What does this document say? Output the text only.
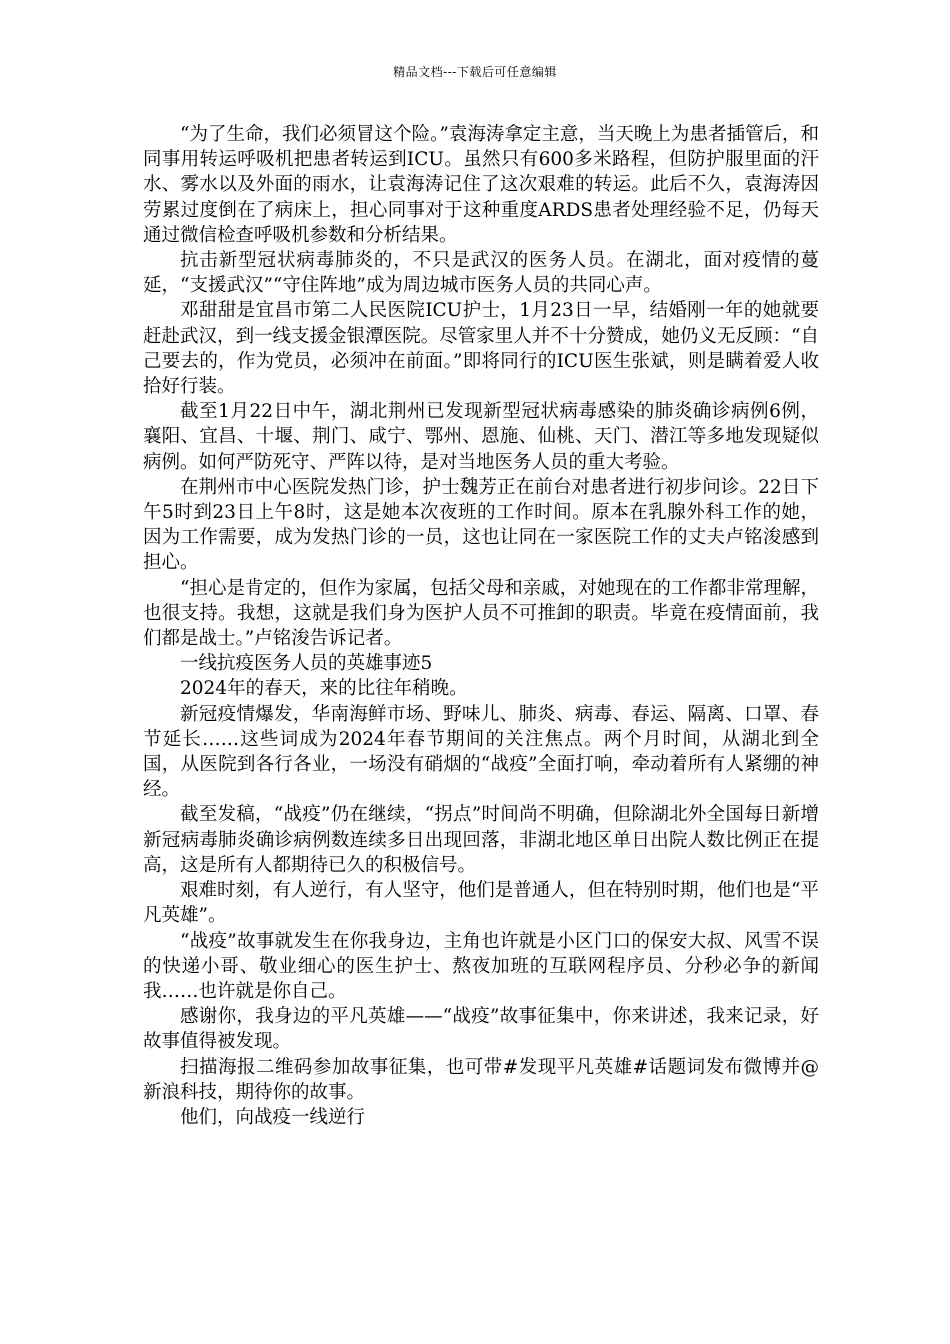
精品文档---下载后可任意编辑

“为了生命，我们必须冒这个险。”袁海涛拿定主意，当天晚上为患者插管后，和同事用转运呼吸机把患者转运到ICU。虽然只有600多米路程，但防护服里面的汗水、雾水以及外面的雨水，让袁海涛记住了这次艰难的转运。此后不久，袁海涛因劳累过度倒在了病床上，担心同事对于这种重度ARDS患者处理经验不足，仍每天通过微信检查呼吸机参数和分析结果。

抗击新型冠状病毒肺炎的，不只是武汉的医务人员。在湖北，面对疫情的蔓延，“支援武汉”“守住阵地”成为周边城市医务人员的共同心声。

邓甜甜是宜昌市第二人民医院ICU护士，1月23日一早，结婚刚一年的她就要赶赴武汉，到一线支援金银潭医院。尽管家里人并不十分赞成，她仍义无反顾：“自己要去的，作为党员，必须冲在前面。”即将同行的ICU医生张斌，则是瞒着爱人收拾好行装。

截至1月22日中午，湖北荆州已发现新型冠状病毒感染的肺炎确诊病例6例，襄阳、宜昌、十堰、荆门、咸宁、鄂州、恩施、仙桃、天门、潜江等多地发现疑似病例。如何严防死守、严阵以待，是对当地医务人员的重大考验。

在荆州市中心医院发热门诊，护士魏芳正在前台对患者进行初步问诊。22日下午5时到23日上午8时，这是她本次夜班的工作时间。原本在乳腺外科工作的她，因为工作需要，成为发热门诊的一员，这也让同在一家医院工作的丈夫卢铭浚感到担心。

“担心是肯定的，但作为家属，包括父母和亲戚，对她现在的工作都非常理解，也很支持。我想，这就是我们身为医护人员不可推卸的职责。毕竟在疫情面前，我们都是战士。”卢铭浚告诉记者。

一线抗疫医务人员的英雄事迹5

2024年的春天，来的比往年稍晚。

新冠疫情爆发，华南海鲜市场、野味儿、肺炎、病毒、春运、隔离、口罩、春节延长……这些词成为2024年春节期间的关注焦点。两个月时间，从湖北到全国，从医院到各行各业，一场没有硝烟的“战疫”全面打响，牵动着所有人紧绷的神经。

截至发稿，“战疫”仍在继续，“拐点”时间尚不明确，但除湖北外全国每日新增新冠病毒肺炎确诊病例数连续多日出现回落，非湖北地区单日出院人数比例正在提高，这是所有人都期待已久的积极信号。

艰难时刻，有人逆行，有人坚守，他们是普通人，但在特别时期，他们也是“平凡英雄”。

“战疫”故事就发生在你我身边，主角也许就是小区门口的保安大叔、风雪不误的快递小哥、敬业细心的医生护士、熬夜加班的互联网程序员、分秒必争的新闻我……也许就是你自己。

感谢你，我身边的平凡英雄——“战疫”故事征集中，你来讲述，我来记录，好故事值得被发现。

扫描海报二维码参加故事征集，也可带#发现平凡英雄#话题词发布微博并@新浪科技，期待你的故事。

他们，向战疫一线逆行
